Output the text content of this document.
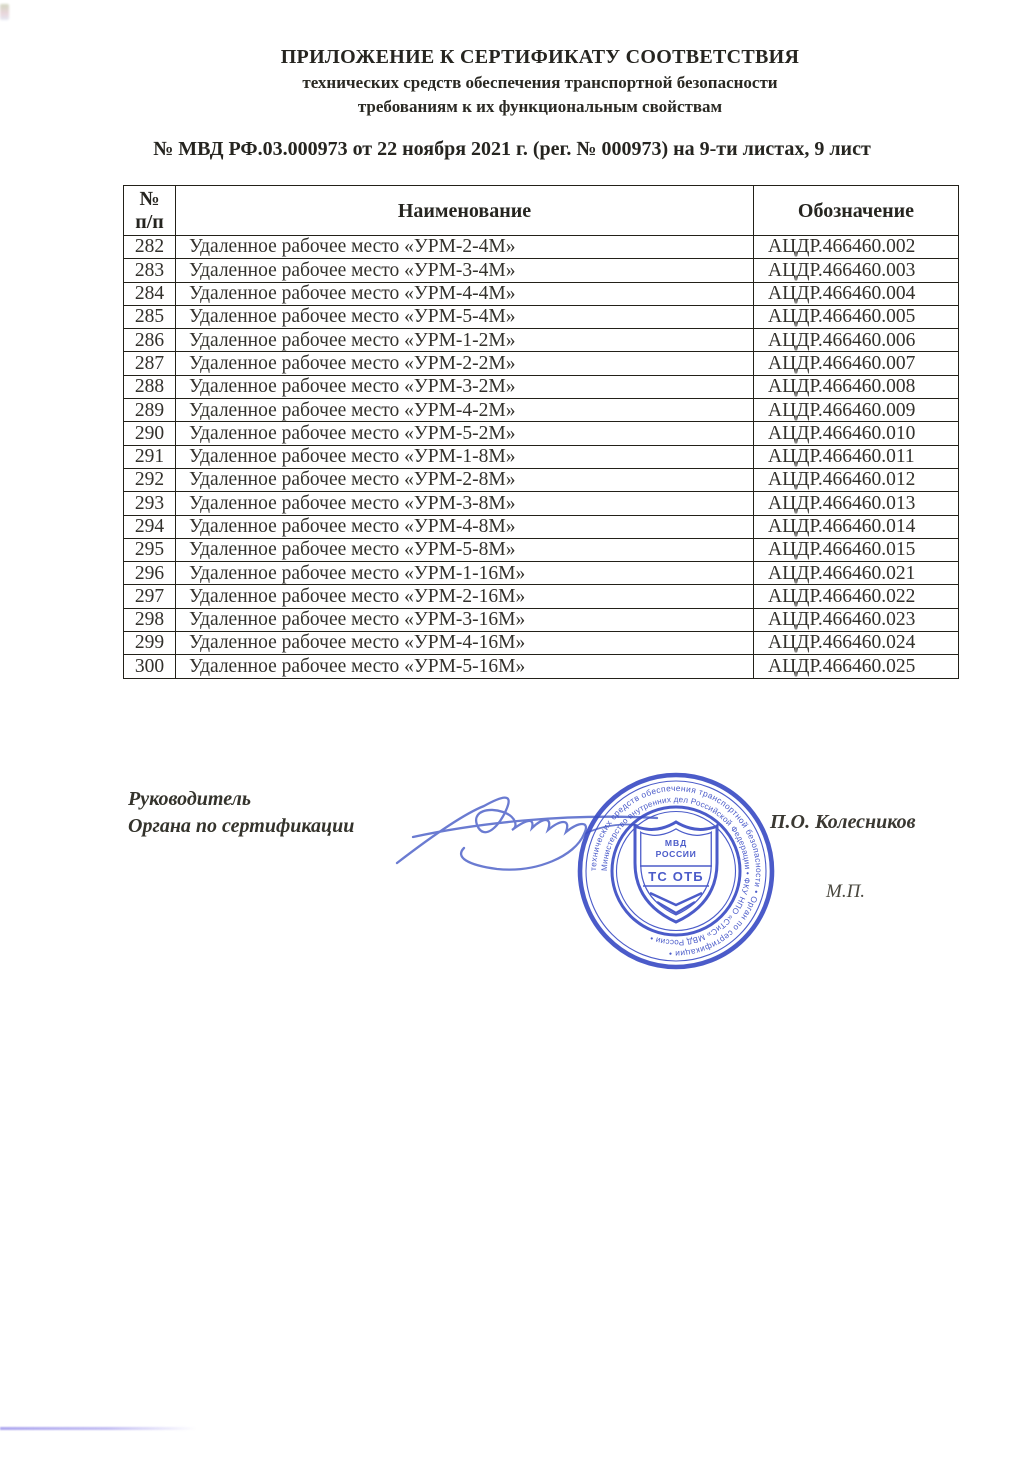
ПРИЛОЖЕНИЕ К СЕРТИФИКАТУ СООТВЕТСТВИЯ
технических средств обеспечения транспортной безопасности
требованиям к их функциональным свойствам
№ МВД РФ.03.000973 от 22 ноября 2021 г. (рег. № 000973) на 9-ти листах, 9 лист
№
п/п	Наименование	Обозначение
282	Удаленное рабочее место «УРМ-2-4М»	АЦДР.466460.002
283	Удаленное рабочее место «УРМ-3-4М»	АЦДР.466460.003
284	Удаленное рабочее место «УРМ-4-4М»	АЦДР.466460.004
285	Удаленное рабочее место «УРМ-5-4М»	АЦДР.466460.005
286	Удаленное рабочее место «УРМ-1-2М»	АЦДР.466460.006
287	Удаленное рабочее место «УРМ-2-2М»	АЦДР.466460.007
288	Удаленное рабочее место «УРМ-3-2М»	АЦДР.466460.008
289	Удаленное рабочее место «УРМ-4-2М»	АЦДР.466460.009
290	Удаленное рабочее место «УРМ-5-2М»	АЦДР.466460.010
291	Удаленное рабочее место «УРМ-1-8М»	АЦДР.466460.011
292	Удаленное рабочее место «УРМ-2-8М»	АЦДР.466460.012
293	Удаленное рабочее место «УРМ-3-8М»	АЦДР.466460.013
294	Удаленное рабочее место «УРМ-4-8М»	АЦДР.466460.014
295	Удаленное рабочее место «УРМ-5-8М»	АЦДР.466460.015
296	Удаленное рабочее место «УРМ-1-16М»	АЦДР.466460.021
297	Удаленное рабочее место «УРМ-2-16М»	АЦДР.466460.022
298	Удаленное рабочее место «УРМ-3-16М»	АЦДР.466460.023
299	Удаленное рабочее место «УРМ-4-16М»	АЦДР.466460.024
300	Удаленное рабочее место «УРМ-5-16М»	АЦДР.466460.025
Руководитель
Органа по сертификации
технических средств обеспечения транспортной безопасности • Орган по сертификации •
Министерство внутренних дел Российской Федерации • ФКУ НПО «СТиС» МВД России •
МВД
РОССИИ
ТС ОТБ
П.О. Колесников
М.П.
